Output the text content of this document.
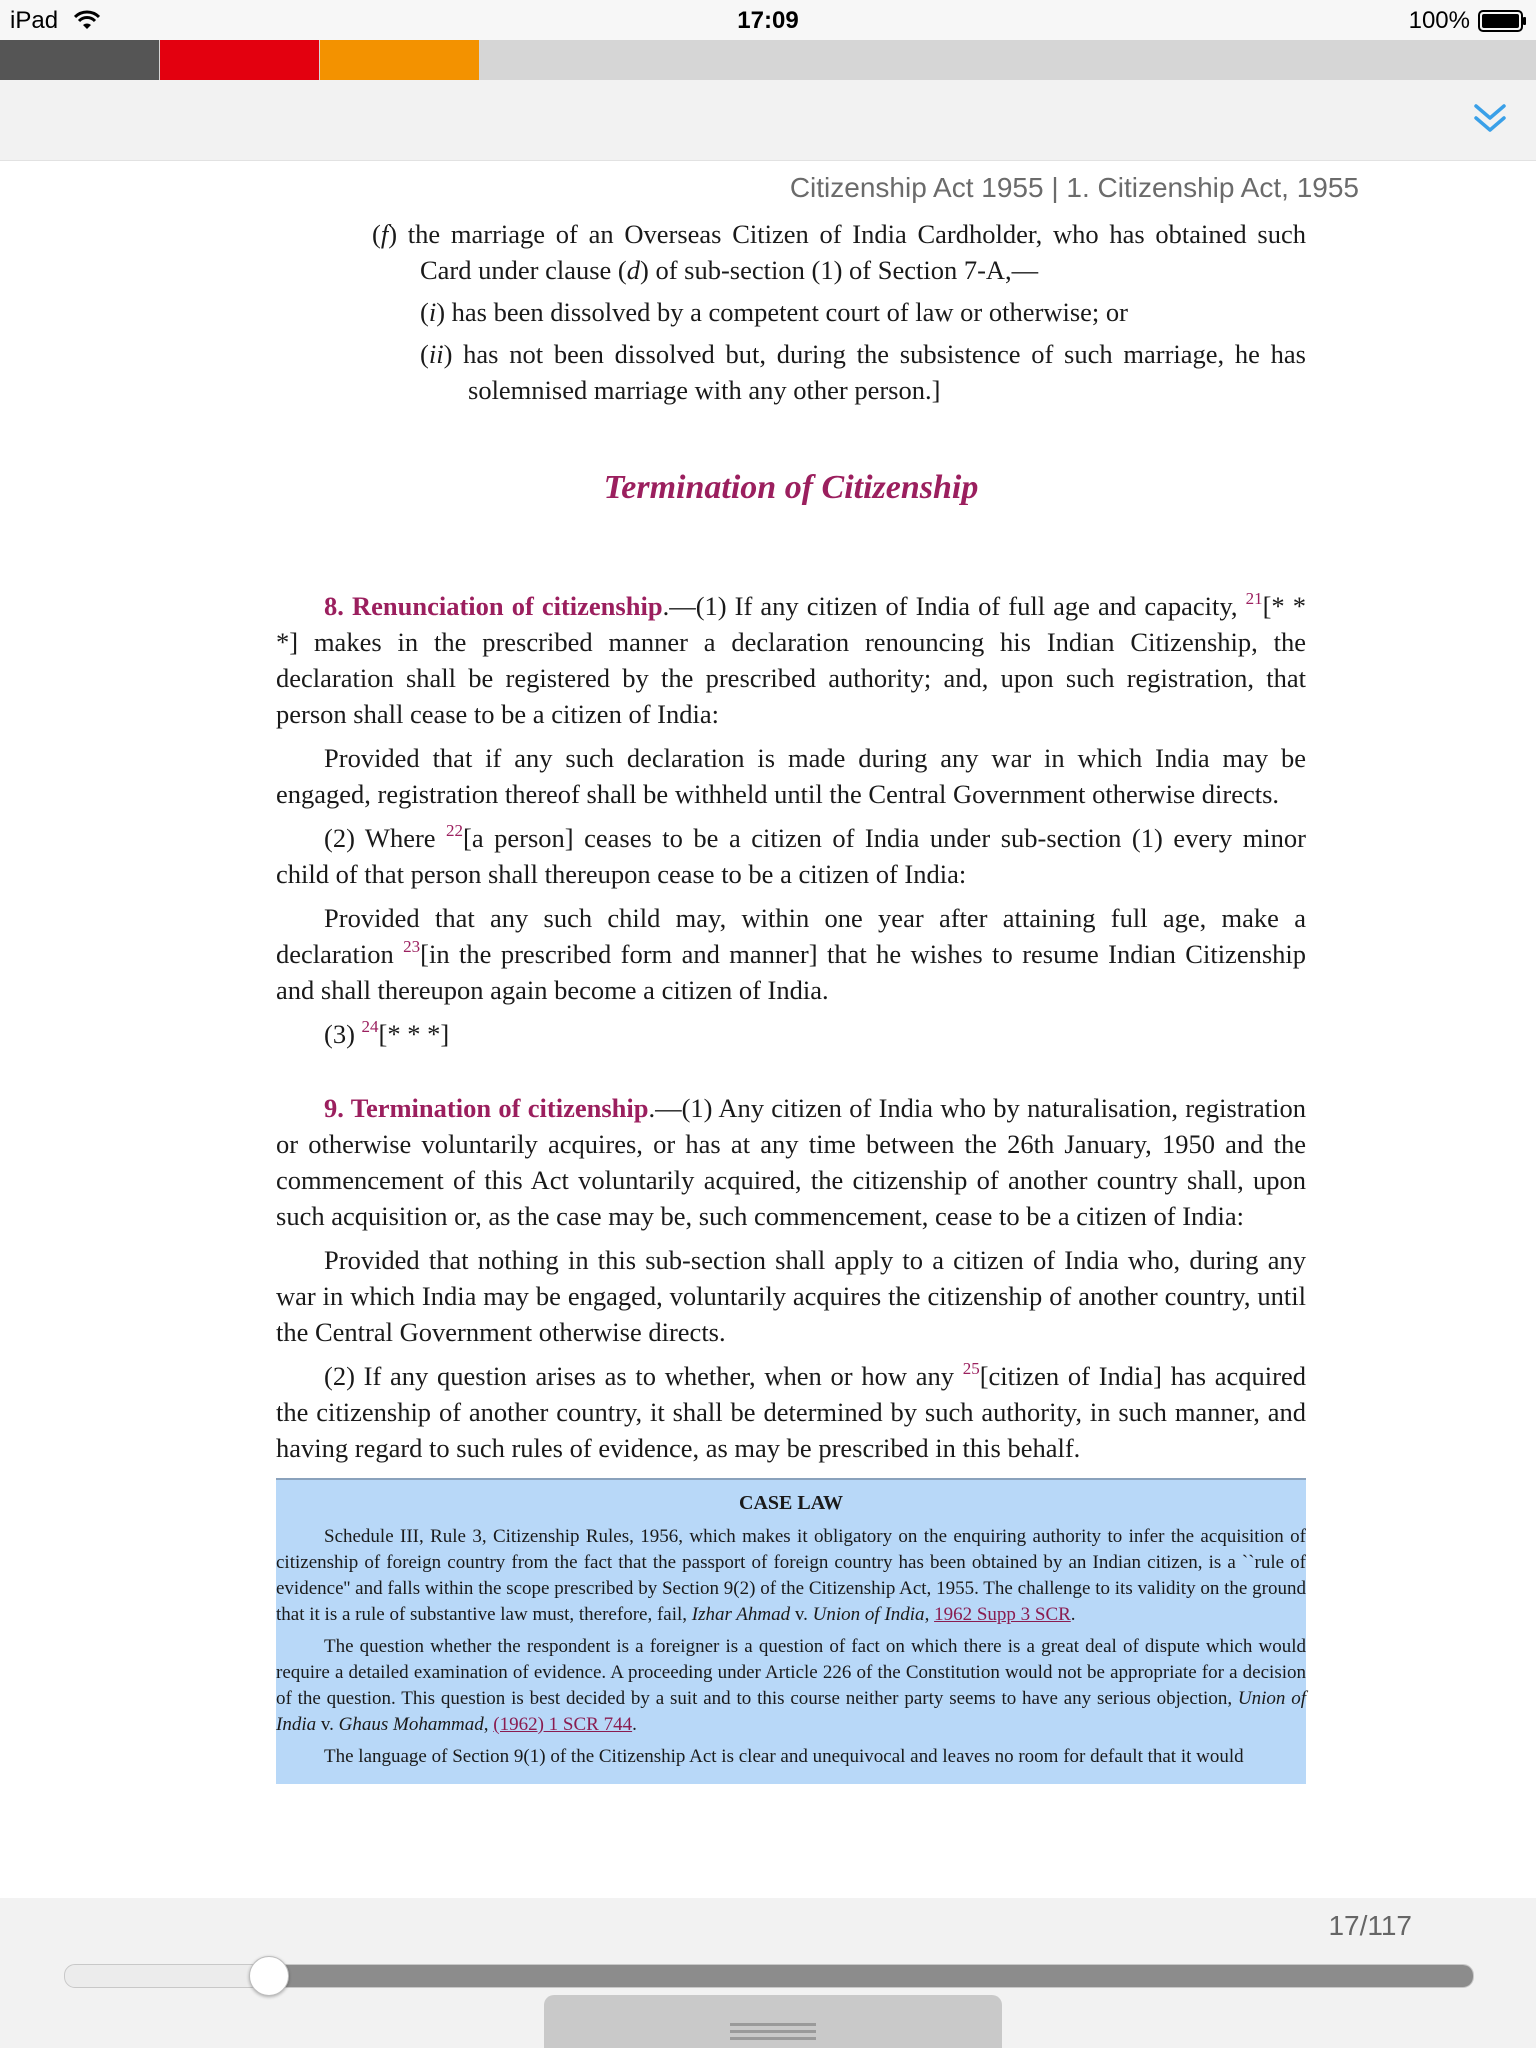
iPad	17:09	100%
Citizenship Act 1955 | 1. Citizenship Act, 1955

(f) the marriage of an Overseas Citizen of India Cardholder, who has obtained such Card under clause (d) of sub-section (1) of Section 7-A,—

(i) has been dissolved by a competent court of law or otherwise; or

(ii) has not been dissolved but, during the subsistence of such marriage, he has solemnised marriage with any other person.]

Termination of Citizenship

8. Renunciation of citizenship.—(1) If any citizen of India of full age and capacity, $^{21}$[* * *] makes in the prescribed manner a declaration renouncing his Indian Citizenship, the declaration shall be registered by the prescribed authority; and, upon such registration, that person shall cease to be a citizen of India:

Provided that if any such declaration is made during any war in which India may be engaged, registration thereof shall be withheld until the Central Government otherwise directs.

(2) Where $^{22}$[a person] ceases to be a citizen of India under sub-section (1) every minor child of that person shall thereupon cease to be a citizen of India:

Provided that any such child may, within one year after attaining full age, make a declaration $^{23}$[in the prescribed form and manner] that he wishes to resume Indian Citizenship and shall thereupon again become a citizen of India.

(3) $^{24}$[* * *]

9. Termination of citizenship.—(1) Any citizen of India who by naturalisation, registration or otherwise voluntarily acquires, or has at any time between the 26th January, 1950 and the commencement of this Act voluntarily acquired, the citizenship of another country shall, upon such acquisition or, as the case may be, such commencement, cease to be a citizen of India:

Provided that nothing in this sub-section shall apply to a citizen of India who, during any war in which India may be engaged, voluntarily acquires the citizenship of another country, until the Central Government otherwise directs.

(2) If any question arises as to whether, when or how any $^{25}$[citizen of India] has acquired the citizenship of another country, it shall be determined by such authority, in such manner, and having regard to such rules of evidence, as may be prescribed in this behalf.

CASE LAW

Schedule III, Rule 3, Citizenship Rules, 1956, which makes it obligatory on the enquiring authority to infer the acquisition of citizenship of foreign country from the fact that the passport of foreign country has been obtained by an Indian citizen, is a ``rule of evidence'' and falls within the scope prescribed by Section 9(2) of the Citizenship Act, 1955. The challenge to its validity on the ground that it is a rule of substantive law must, therefore, fail, Izhar Ahmad v. Union of India, 1962 Supp 3 SCR.

The question whether the respondent is a foreigner is a question of fact on which there is a great deal of dispute which would require a detailed examination of evidence. A proceeding under Article 226 of the Constitution would not be appropriate for a decision of the question. This question is best decided by a suit and to this course neither party seems to have any serious objection, Union of India v. Ghaus Mohammad, (1962) 1 SCR 744.

The language of Section 9(1) of the Citizenship Act is clear and unequivocal and leaves no room for default that it would

17/117
